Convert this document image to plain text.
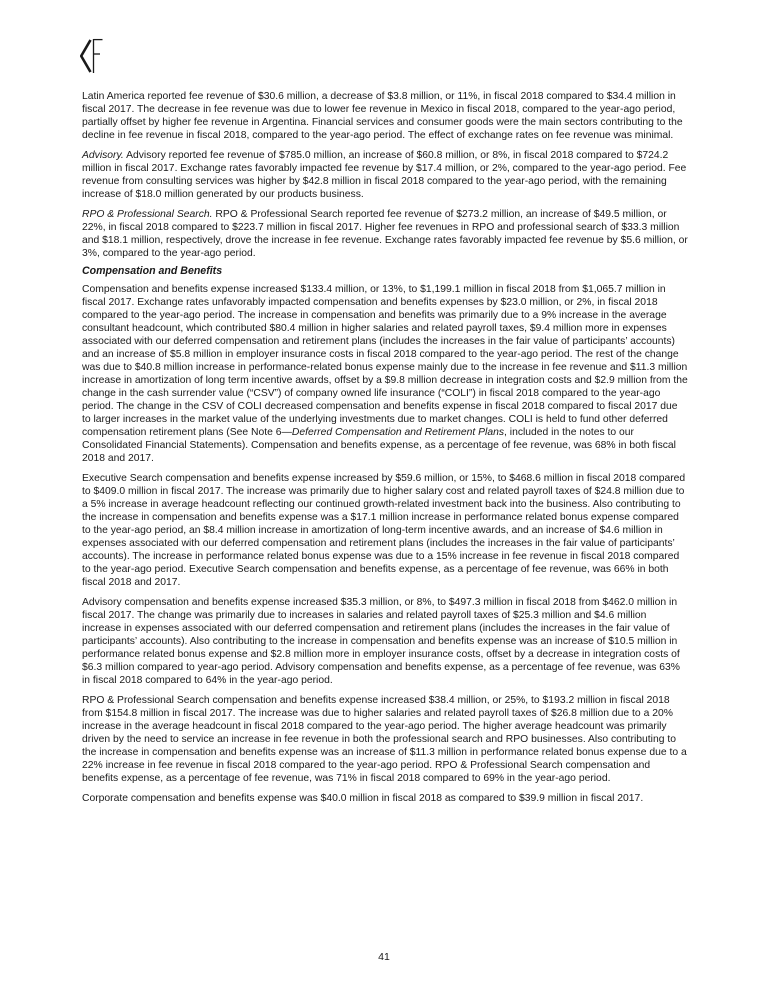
Latin America reported fee revenue of $30.6 million, a decrease of $3.8 million, or 11%, in fiscal 2018 compared to $34.4 million in fiscal 2017. The decrease in fee revenue was due to lower fee revenue in Mexico in fiscal 2018, compared to the year-ago period, partially offset by higher fee revenue in Argentina. Financial services and consumer goods were the main sectors contributing to the decline in fee revenue in fiscal 2018, compared to the year-ago period. The effect of exchange rates on fee revenue was minimal.

Advisory. Advisory reported fee revenue of $785.0 million, an increase of $60.8 million, or 8%, in fiscal 2018 compared to $724.2 million in fiscal 2017. Exchange rates favorably impacted fee revenue by $17.4 million, or 2%, compared to the year-ago period. Fee revenue from consulting services was higher by $42.8 million in fiscal 2018 compared to the year-ago period, with the remaining increase of $18.0 million generated by our products business.

RPO & Professional Search. RPO & Professional Search reported fee revenue of $273.2 million, an increase of $49.5 million, or 22%, in fiscal 2018 compared to $223.7 million in fiscal 2017. Higher fee revenues in RPO and professional search of $33.3 million and $18.1 million, respectively, drove the increase in fee revenue. Exchange rates favorably impacted fee revenue by $5.6 million, or 3%, compared to the year-ago period.

Compensation and Benefits

Compensation and benefits expense increased $133.4 million, or 13%, to $1,199.1 million in fiscal 2018 from $1,065.7 million in fiscal 2017. Exchange rates unfavorably impacted compensation and benefits expenses by $23.0 million, or 2%, in fiscal 2018 compared to the year-ago period. The increase in compensation and benefits was primarily due to a 9% increase in the average consultant headcount, which contributed $80.4 million in higher salaries and related payroll taxes, $9.4 million more in expenses associated with our deferred compensation and retirement plans (includes the increases in the fair value of participants’ accounts) and an increase of $5.8 million in employer insurance costs in fiscal 2018 compared to the year-ago period. The rest of the change was due to $40.8 million increase in performance-related bonus expense mainly due to the increase in fee revenue and $11.3 million increase in amortization of long term incentive awards, offset by a $9.8 million decrease in integration costs and $2.9 million from the change in the cash surrender value (“CSV”) of company owned life insurance (“COLI”) in fiscal 2018 compared to the year-ago period. The change in the CSV of COLI decreased compensation and benefits expense in fiscal 2018 compared to fiscal 2017 due to larger increases in the market value of the underlying investments due to market changes. COLI is held to fund other deferred compensation retirement plans (See Note 6—Deferred Compensation and Retirement Plans, included in the notes to our Consolidated Financial Statements). Compensation and benefits expense, as a percentage of fee revenue, was 68% in both fiscal 2018 and 2017.

Executive Search compensation and benefits expense increased by $59.6 million, or 15%, to $468.6 million in fiscal 2018 compared to $409.0 million in fiscal 2017. The increase was primarily due to higher salary cost and related payroll taxes of $24.8 million due to a 5% increase in average headcount reflecting our continued growth-related investment back into the business. Also contributing to the increase in compensation and benefits expense was a $17.1 million increase in performance related bonus expense compared to the year-ago period, an $8.4 million increase in amortization of long-term incentive awards, and an increase of $4.6 million in expenses associated with our deferred compensation and retirement plans (includes the increases in the fair value of participants’ accounts). The increase in performance related bonus expense was due to a 15% increase in fee revenue in fiscal 2018 compared to the year-ago period. Executive Search compensation and benefits expense, as a percentage of fee revenue, was 66% in both fiscal 2018 and 2017.

Advisory compensation and benefits expense increased $35.3 million, or 8%, to $497.3 million in fiscal 2018 from $462.0 million in fiscal 2017. The change was primarily due to increases in salaries and related payroll taxes of $25.3 million and $4.6 million increase in expenses associated with our deferred compensation and retirement plans (includes the increases in the fair value of participants’ accounts). Also contributing to the increase in compensation and benefits expense was an increase of $10.5 million in performance related bonus expense and $2.8 million more in employer insurance costs, offset by a decrease in integration costs of $6.3 million compared to year-ago period. Advisory compensation and benefits expense, as a percentage of fee revenue, was 63% in fiscal 2018 compared to 64% in the year-ago period.

RPO & Professional Search compensation and benefits expense increased $38.4 million, or 25%, to $193.2 million in fiscal 2018 from $154.8 million in fiscal 2017. The increase was due to higher salaries and related payroll taxes of $26.8 million due to a 20% increase in the average headcount in fiscal 2018 compared to the year-ago period. The higher average headcount was primarily driven by the need to service an increase in fee revenue in both the professional search and RPO businesses. Also contributing to the increase in compensation and benefits expense was an increase of $11.3 million in performance related bonus expense due to a 22% increase in fee revenue in fiscal 2018 compared to the year-ago period. RPO & Professional Search compensation and benefits expense, as a percentage of fee revenue, was 71% in fiscal 2018 compared to 69% in the year-ago period.

Corporate compensation and benefits expense was $40.0 million in fiscal 2018 as compared to $39.9 million in fiscal 2017.

41
